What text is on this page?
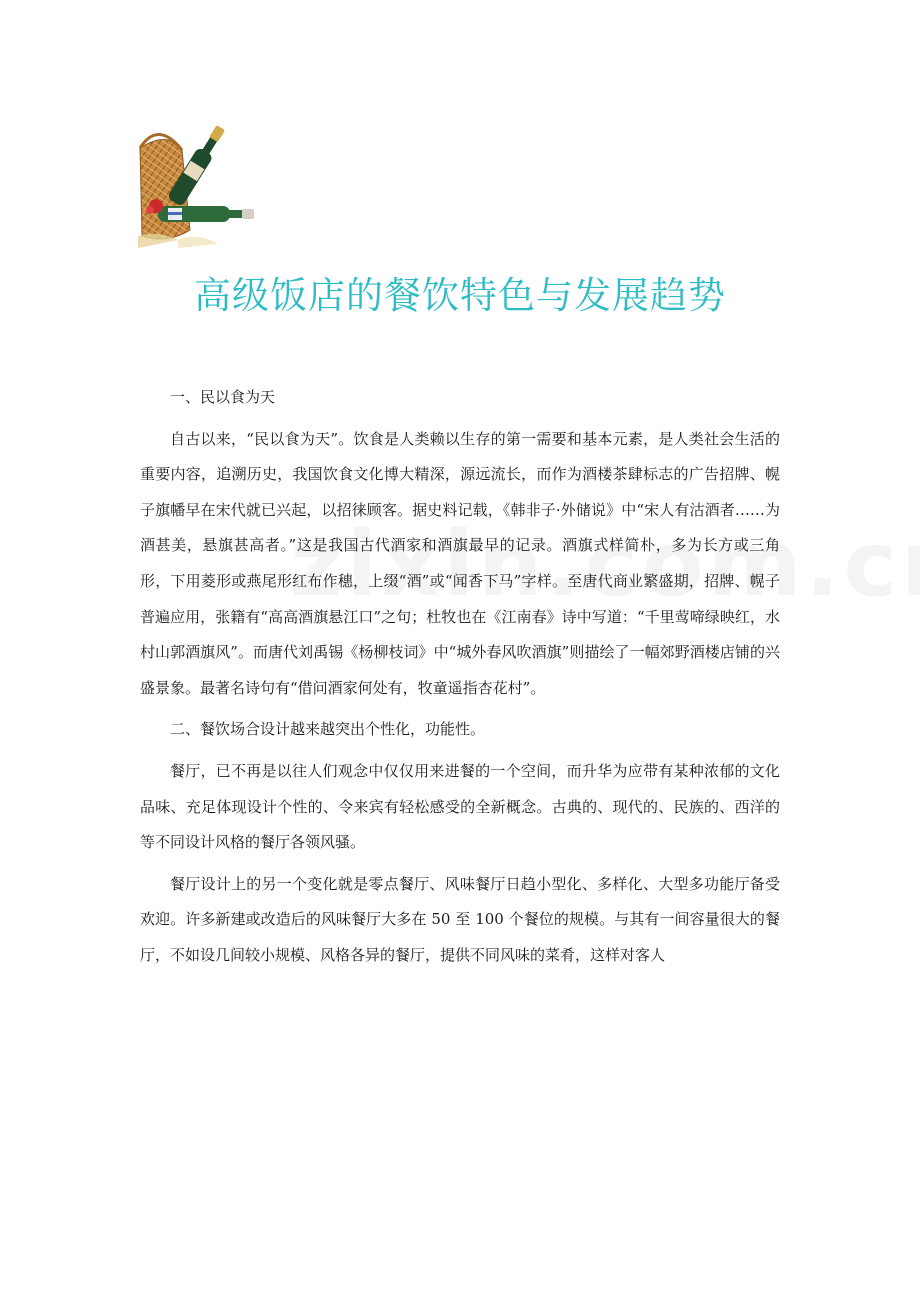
高级饭店的餐饮特色与发展趋势

一、民以食为天

自古以来，“民以食为天”。饮食是人类赖以生存的第一需要和基本元素，是人类社会生活的重要内容，追溯历史，我国饮食文化博大精深，源远流长，而作为酒楼茶肆标志的广告招牌、幌子旗幡早在宋代就已兴起，以招徕顾客。据史料记载，《韩非子·外储说》中“宋人有沽酒者……为酒甚美，悬旗甚高者。”这是我国古代酒家和酒旗最早的记录。酒旗式样简朴，多为长方或三角形，下用菱形或燕尾形红布作穗，上缀“酒”或“闻香下马”字样。至唐代商业繁盛期，招牌、幌子普遍应用，张籍有“高高酒旗悬江口”之句；杜牧也在《江南春》诗中写道：“千里莺啼绿映红，水村山郭酒旗风”。而唐代刘禹锡《杨柳枝词》中“城外春风吹酒旗”则描绘了一幅郊野酒楼店铺的兴盛景象。最著名诗句有“借问酒家何处有，牧童遥指杏花村”。

二、餐饮场合设计越来越突出个性化，功能性。

餐厅，已不再是以往人们观念中仅仅用来进餐的一个空间，而升华为应带有某种浓郁的文化品味、充足体现设计个性的、令来宾有轻松感受的全新概念。古典的、现代的、民族的、西洋的等不同设计风格的餐厅各领风骚。

餐厅设计上的另一个变化就是零点餐厅、风味餐厅日趋小型化、多样化、大型多功能厅备受欢迎。许多新建或改造后的风味餐厅大多在 50 至 100 个餐位的规模。与其有一间容量很大的餐厅，不如设几间较小规模、风格各异的餐厅，提供不同风味的菜肴，这样对客人
